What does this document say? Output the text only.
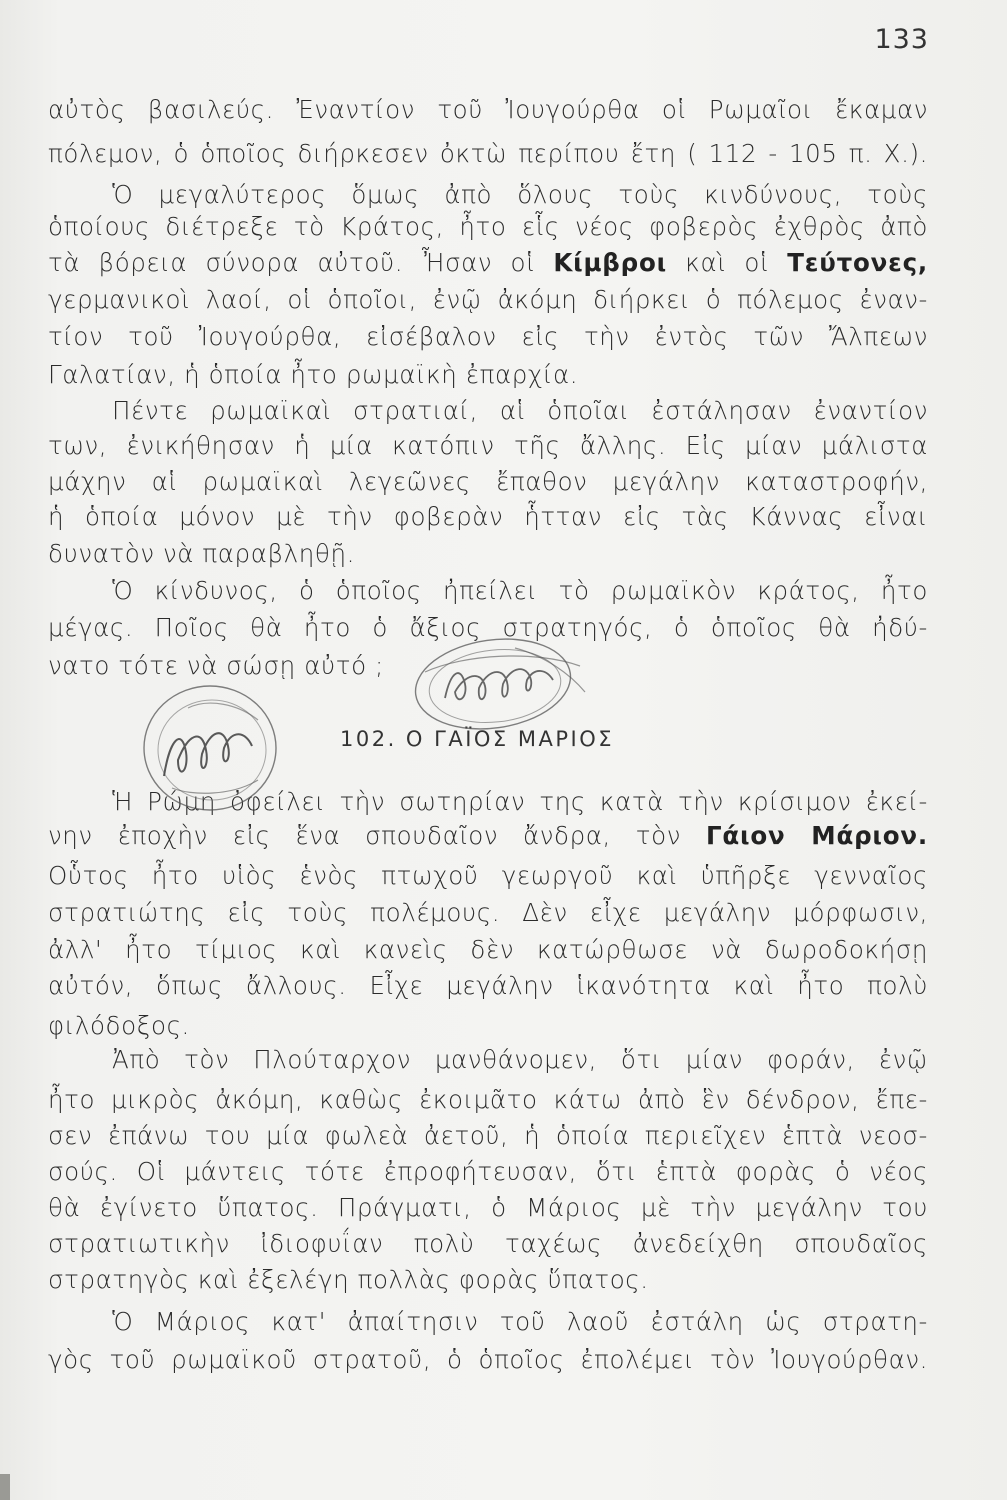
133
αὐτὸς βασιλεύς. Ἐναντίον τοῦ Ἰουγούρθα οἱ Ρωμαῖοι ἔκαμαν
πόλεμον, ὁ ὁποῖος διήρκεσεν ὀκτὼ περίπου ἔτη ( 112 - 105 π. Χ.).
Ὁ μεγαλύτερος ὅμως ἀπὸ ὅλους τοὺς κινδύνους, τοὺς
ὁποίους διέτρεξε τὸ Κράτος, ἦτο εἷς νέος φοβερὸς ἐχθρὸς ἀπὸ
τὰ βόρεια σύνορα αὐτοῦ. Ἦσαν οἱ Κίμβροι καὶ οἱ Τεύτονες,
γερμανικοὶ λαοί, οἱ ὁποῖοι, ἐνῷ ἀκόμη διήρκει ὁ πόλεμος ἐναν-
τίον τοῦ Ἰουγούρθα, εἰσέβαλον εἰς τὴν ἐντὸς τῶν Ἄλπεων
Γαλατίαν, ἡ ὁποία ἦτο ρωμαϊκὴ ἐπαρχία.
Πέντε ρωμαϊκαὶ στρατιαί, αἱ ὁποῖαι ἐστάλησαν ἐναντίον
των, ἐνικήθησαν ἡ μία κατόπιν τῆς ἄλλης. Εἰς μίαν μάλιστα
μάχην αἱ ρωμαϊκαὶ λεγεῶνες ἔπαθον μεγάλην καταστροφήν,
ἡ ὁποία μόνον μὲ τὴν φοβερὰν ἧτταν εἰς τὰς Κάννας εἶναι
δυνατὸν νὰ παραβληθῇ.
Ὁ κίνδυνος, ὁ ὁποῖος ἠπείλει τὸ ρωμαϊκὸν κράτος, ἦτο
μέγας. Ποῖος θὰ ἦτο ὁ ἄξιος στρατηγός, ὁ ὁποῖος θὰ ἠδύ-
νατο τότε νὰ σώσῃ αὐτό ;
102. Ο ΓΑΪΟΣ ΜΑΡΙΟΣ
Ἡ Ρώμη ὀφείλει τὴν σωτηρίαν της κατὰ τὴν κρίσιμον ἐκεί-
νην ἐποχὴν εἰς ἕνα σπουδαῖον ἄνδρα, τὸν Γάιον Μάριον.
Οὗτος ἦτο υἱὸς ἑνὸς πτωχοῦ γεωργοῦ καὶ ὑπῆρξε γενναῖος
στρατιώτης εἰς τοὺς πολέμους. Δὲν εἶχε μεγάλην μόρφωσιν,
ἀλλ' ἦτο τίμιος καὶ κανεὶς δὲν κατώρθωσε νὰ δωροδοκήσῃ
αὐτόν, ὅπως ἄλλους. Εἶχε μεγάλην ἱκανότητα καὶ ἦτο πολὺ
φιλόδοξος.
Ἀπὸ τὸν Πλούταρχον μανθάνομεν, ὅτι μίαν φοράν, ἐνῷ
ἦτο μικρὸς ἀκόμη, καθὼς ἐκοιμᾶτο κάτω ἀπὸ ἓν δένδρον, ἔπε-
σεν ἐπάνω του μία φωλεὰ ἀετοῦ, ἡ ὁποία περιεῖχεν ἑπτὰ νεοσ-
σούς. Οἱ μάντεις τότε ἐπροφήτευσαν, ὅτι ἑπτὰ φορὰς ὁ νέος
θὰ ἐγίνετο ὕπατος. Πράγματι, ὁ Μάριος μὲ τὴν μεγάλην του
στρατιωτικὴν ἰδιοφυΐαν πολὺ ταχέως ἀνεδείχθη σπουδαῖος
στρατηγὸς καὶ ἐξελέγη πολλὰς φορὰς ὕπατος.
Ὁ Μάριος κατ' ἀπαίτησιν τοῦ λαοῦ ἐστάλη ὡς στρατη-
γὸς τοῦ ρωμαϊκοῦ στρατοῦ, ὁ ὁποῖος ἐπολέμει τὸν Ἰουγούρθαν.
